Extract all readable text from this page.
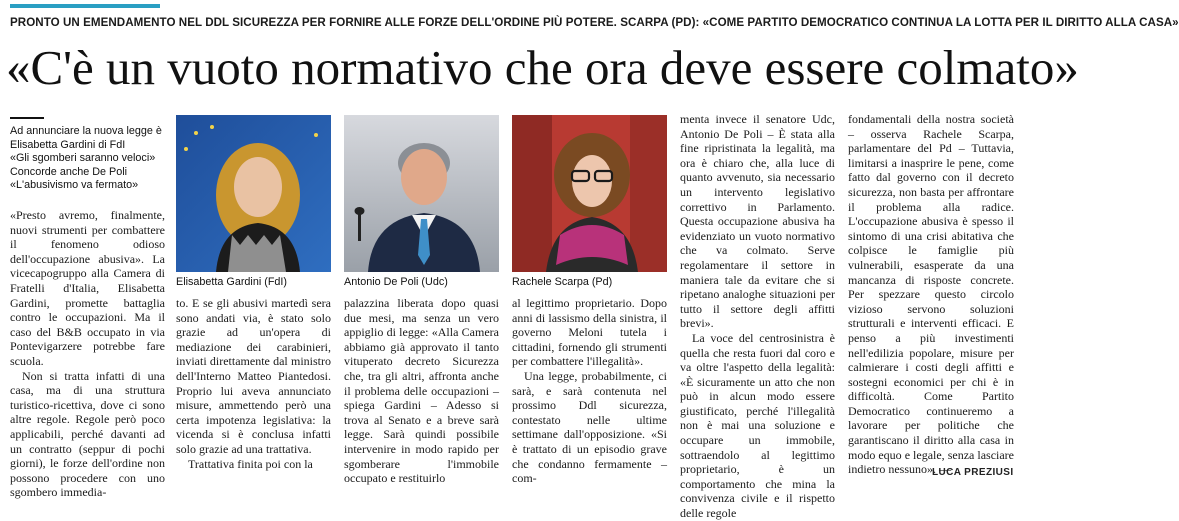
PRONTO UN EMENDAMENTO NEL DDL SICUREZZA PER FORNIRE ALLE FORZE DELL'ORDINE PIÙ POTERE. SCARPA (PD): «COME PARTITO DEMOCRATICO CONTINUA LA LOTTA PER IL DIRITTO ALLA CASA»
«C'è un vuoto normativo che ora deve essere colmato»

Ad annunciare la nuova legge è Elisabetta Gardini di FdI

«Gli sgomberi saranno veloci» Concorde anche De Poli

«L'abusivismo va fermato»

Elisabetta Gardini (FdI)	Antonio De Poli (Udc)	Rachele Scarpa (Pd)

«Presto avremo, finalmente, nuovi strumenti per combattere il fenomeno odioso dell'occupazione abusiva». La vicecapogruppo alla Camera di Fratelli d'Italia, Elisabetta Gardini, promette battaglia contro le occupazioni. Ma il caso del B&B occupato in via Pontevigarzere potrebbe fare scuola.

Non si tratta infatti di una casa, ma di una struttura turistico-ricettiva, dove ci sono altre regole. Regole però poco applicabili, perché davanti ad un contratto (seppur di pochi giorni), le forze dell'ordine non possono procedere con uno sgombero immedia-

to. E se gli abusivi martedì sera sono andati via, è stato solo grazie ad un'opera di mediazione dei carabinieri, inviati direttamente dal ministro dell'Interno Matteo Piantedosi. Proprio lui aveva annunciato misure, ammettendo però una certa impotenza legislativa: la vicenda si è conclusa infatti solo grazie ad una trattativa.

Trattativa finita poi con la

palazzina liberata dopo quasi due mesi, ma senza un vero appiglio di legge: «Alla Camera abbiamo già approvato il tanto vituperato decreto Sicurezza che, tra gli altri, affronta anche il problema delle occupazioni – spiega Gardini – Adesso si trova al Senato e a breve sarà legge. Sarà quindi possibile intervenire in modo rapido per sgomberare l'immobile occupato e restituirlo

al legittimo proprietario. Dopo anni di lassismo della sinistra, il governo Meloni tutela i cittadini, fornendo gli strumenti per combattere l'illegalità».

Una legge, probabilmente, ci sarà, e sarà contenuta nel prossimo Ddl sicurezza, contestato nelle ultime settimane dall'opposizione. «Si è trattato di un episodio grave che condanno fermamente – com-

menta invece il senatore Udc, Antonio De Poli – È stata alla fine ripristinata la legalità, ma ora è chiaro che, alla luce di quanto avvenuto, sia necessario un intervento legislativo correttivo in Parlamento. Questa occupazione abusiva ha evidenziato un vuoto normativo che va colmato. Serve regolamentare il settore in maniera tale da evitare che si ripetano analoghe situazioni per tutto il settore degli affitti brevi».

La voce del centrosinistra è quella che resta fuori dal coro e va oltre l'aspetto della legalità: «È sicuramente un atto che non può in alcun modo essere giustificato, perché l'illegalità non è mai una soluzione e occupare un immobile, sottraendolo al legittimo proprietario, è un comportamento che mina la convivenza civile e il rispetto delle regole

fondamentali della nostra società – osserva Rachele Scarpa, parlamentare del Pd – Tuttavia, limitarsi a inasprire le pene, come fatto dal governo con il decreto sicurezza, non basta per affrontare il problema alla radice. L'occupazione abusiva è spesso il sintomo di una crisi abitativa che colpisce le famiglie più vulnerabili, esasperate da una mancanza di risposte concrete. Per spezzare questo circolo vizioso servono soluzioni strutturali e interventi efficaci. E penso a più investimenti nell'edilizia popolare, misure per calmierare i costi degli affitti e sostegni economici per chi è in difficoltà. Come Partito Democratico continueremo a lavorare per politiche che garantiscano il diritto alla casa in modo equo e legale, senza lasciare indietro nessuno». —

LUCA PREZIUSI
